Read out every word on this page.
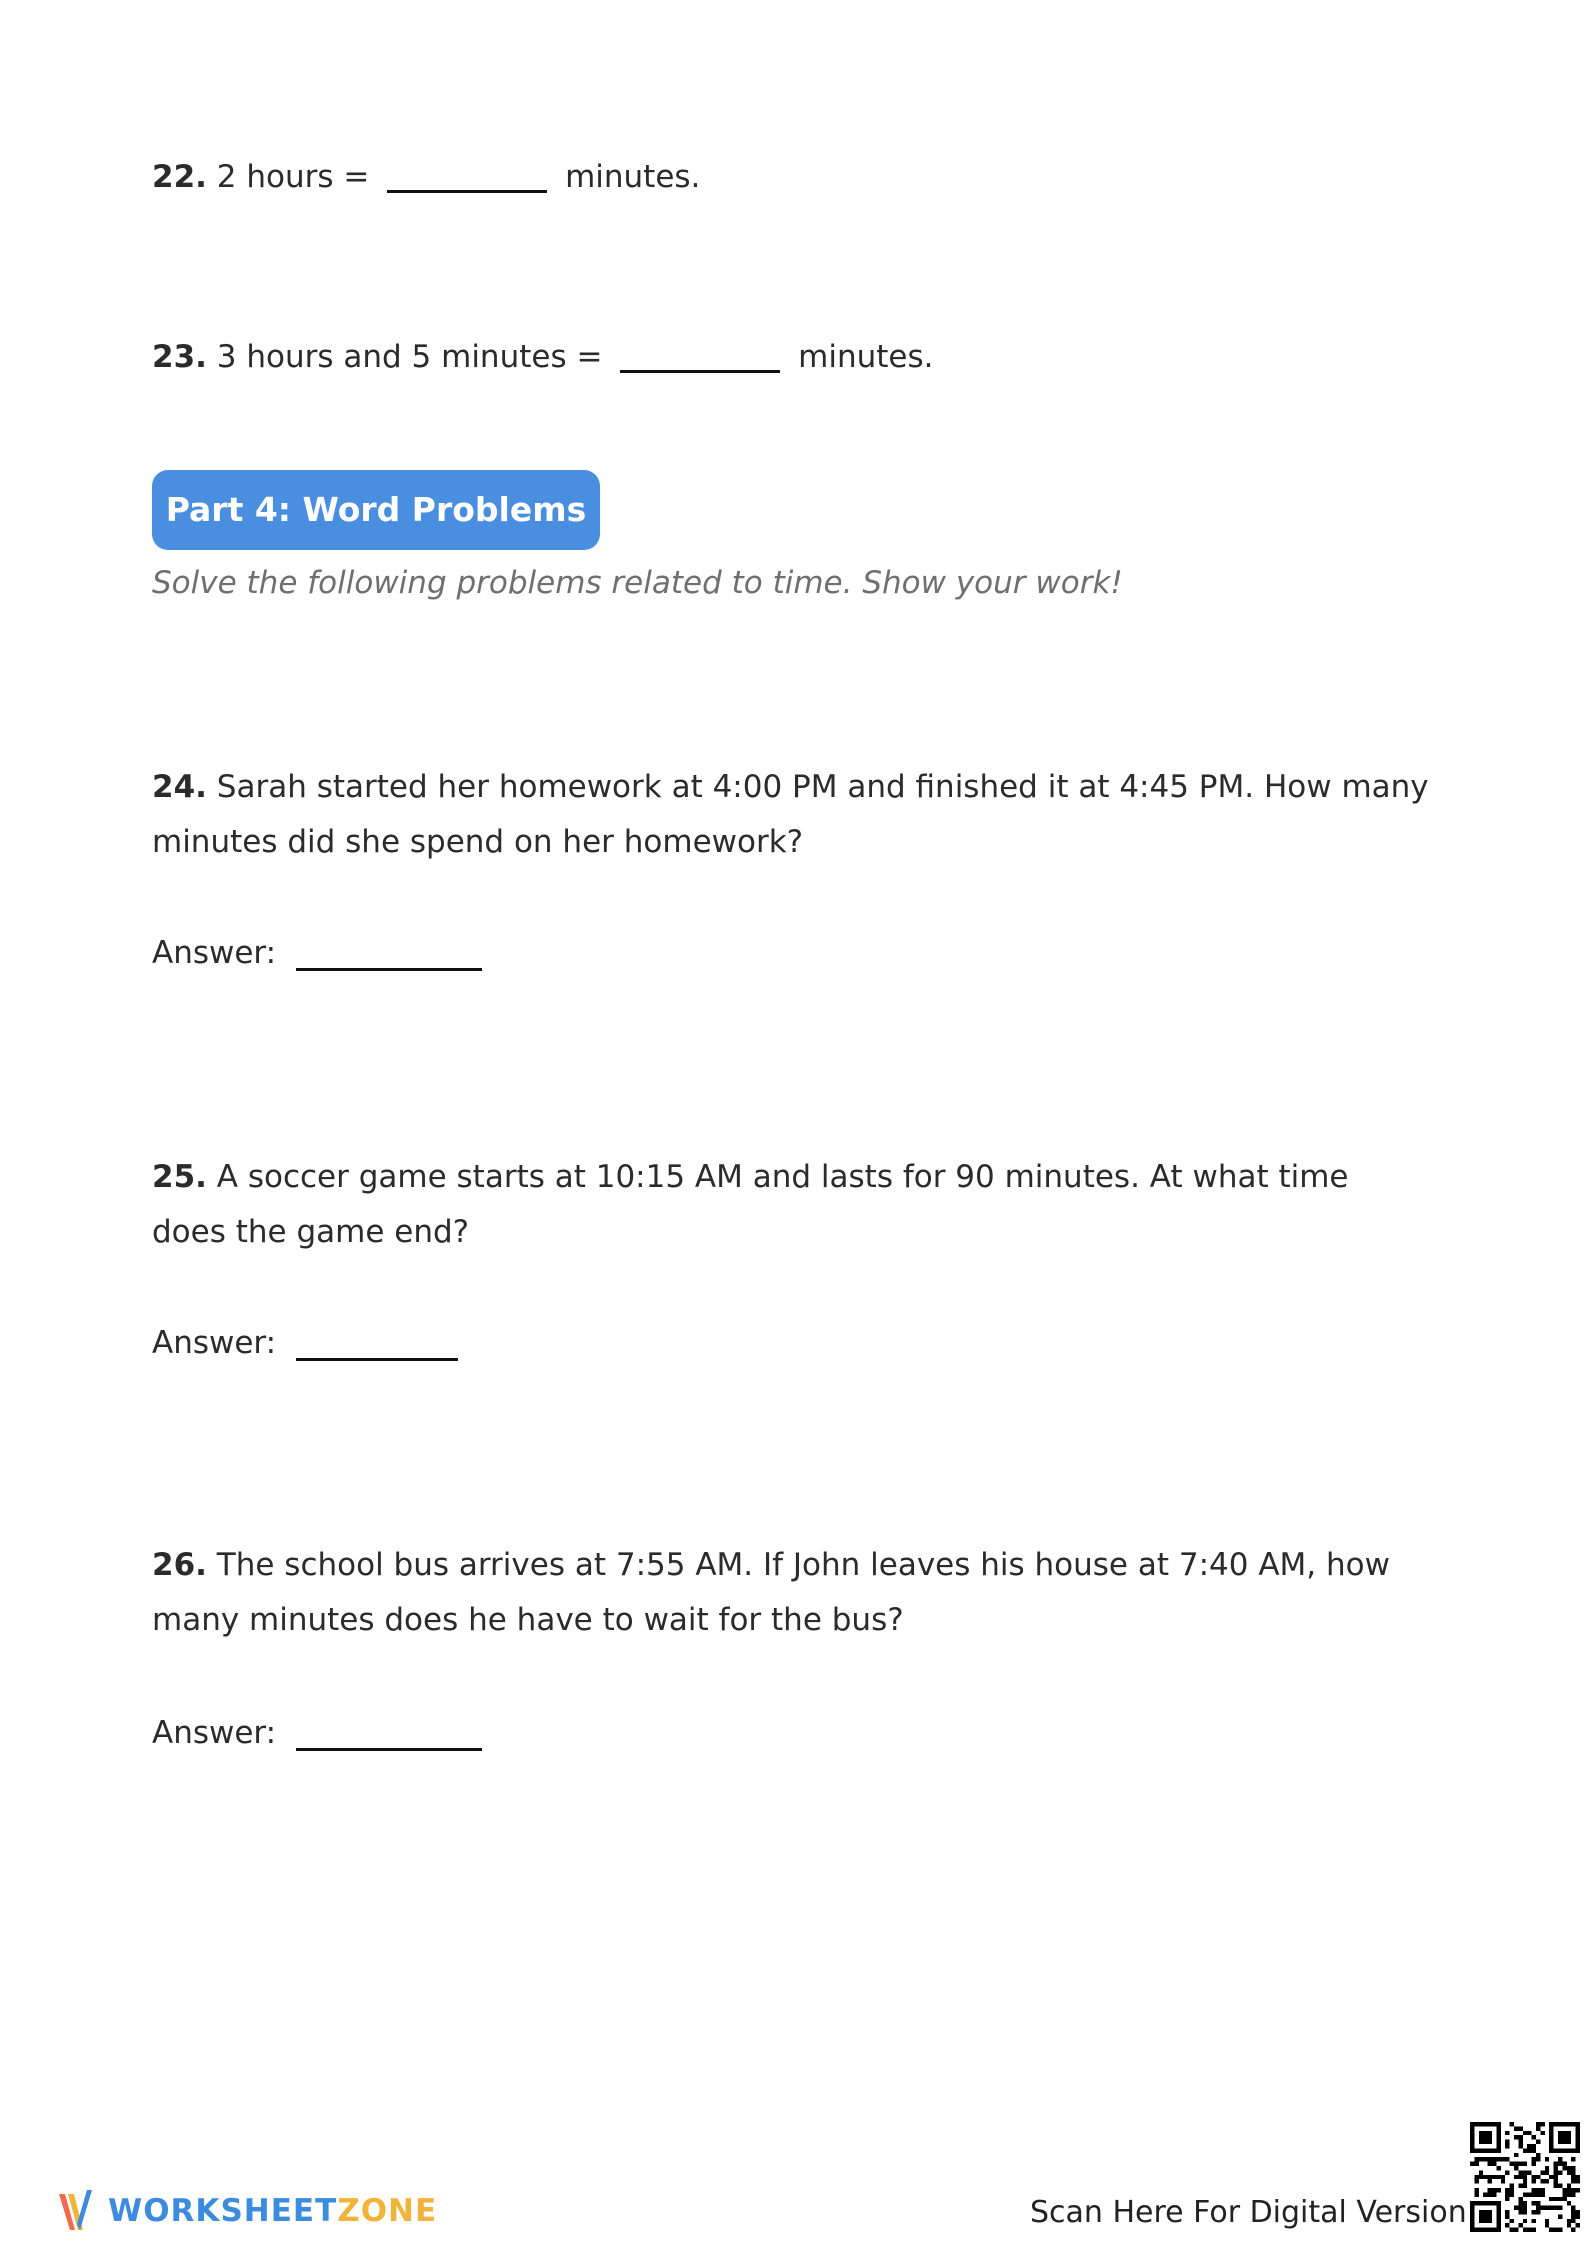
22. 2 hours =	minutes.
23. 3 hours and 5 minutes =	minutes.
Part 4: Word Problems
Solve the following problems related to time. Show your work!
24. Sarah started her homework at 4:00 PM and finished it at 4:45 PM. How many minutes did she spend on her homework?
Answer:
25. A soccer game starts at 10:15 AM and lasts for 90 minutes. At what time does the game end?
Answer:
26. The school bus arrives at 7:55 AM. If John leaves his house at 7:40 AM, how many minutes does he have to wait for the bus?
Answer:
WORKSHEETZONE	Scan Here For Digital Version
